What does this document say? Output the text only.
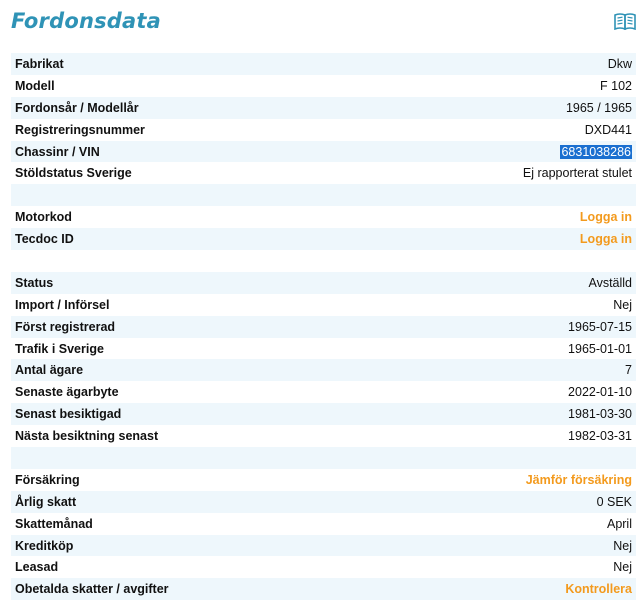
Fordonsdata
Fabrikat	Dkw
Modell	F 102
Fordonsår / Modellår	1965 / 1965
Registreringsnummer	DXD441
Chassinr / VIN	6831038286
Stöldstatus Sverige	Ej rapporterat stulet
Motorkod	Logga in
Tecdoc ID	Logga in
Status	Avställd
Import / Införsel	Nej
Först registrerad	1965-07-15
Trafik i Sverige	1965-01-01
Antal ägare	7
Senaste ägarbyte	2022-01-10
Senast besiktigad	1981-03-30
Nästa besiktning senast	1982-03-31
Försäkring	Jämför försäkring
Årlig skatt	0 SEK
Skattemånad	April
Kreditköp	Nej
Leasad	Nej
Obetalda skatter / avgifter	Kontrollera
